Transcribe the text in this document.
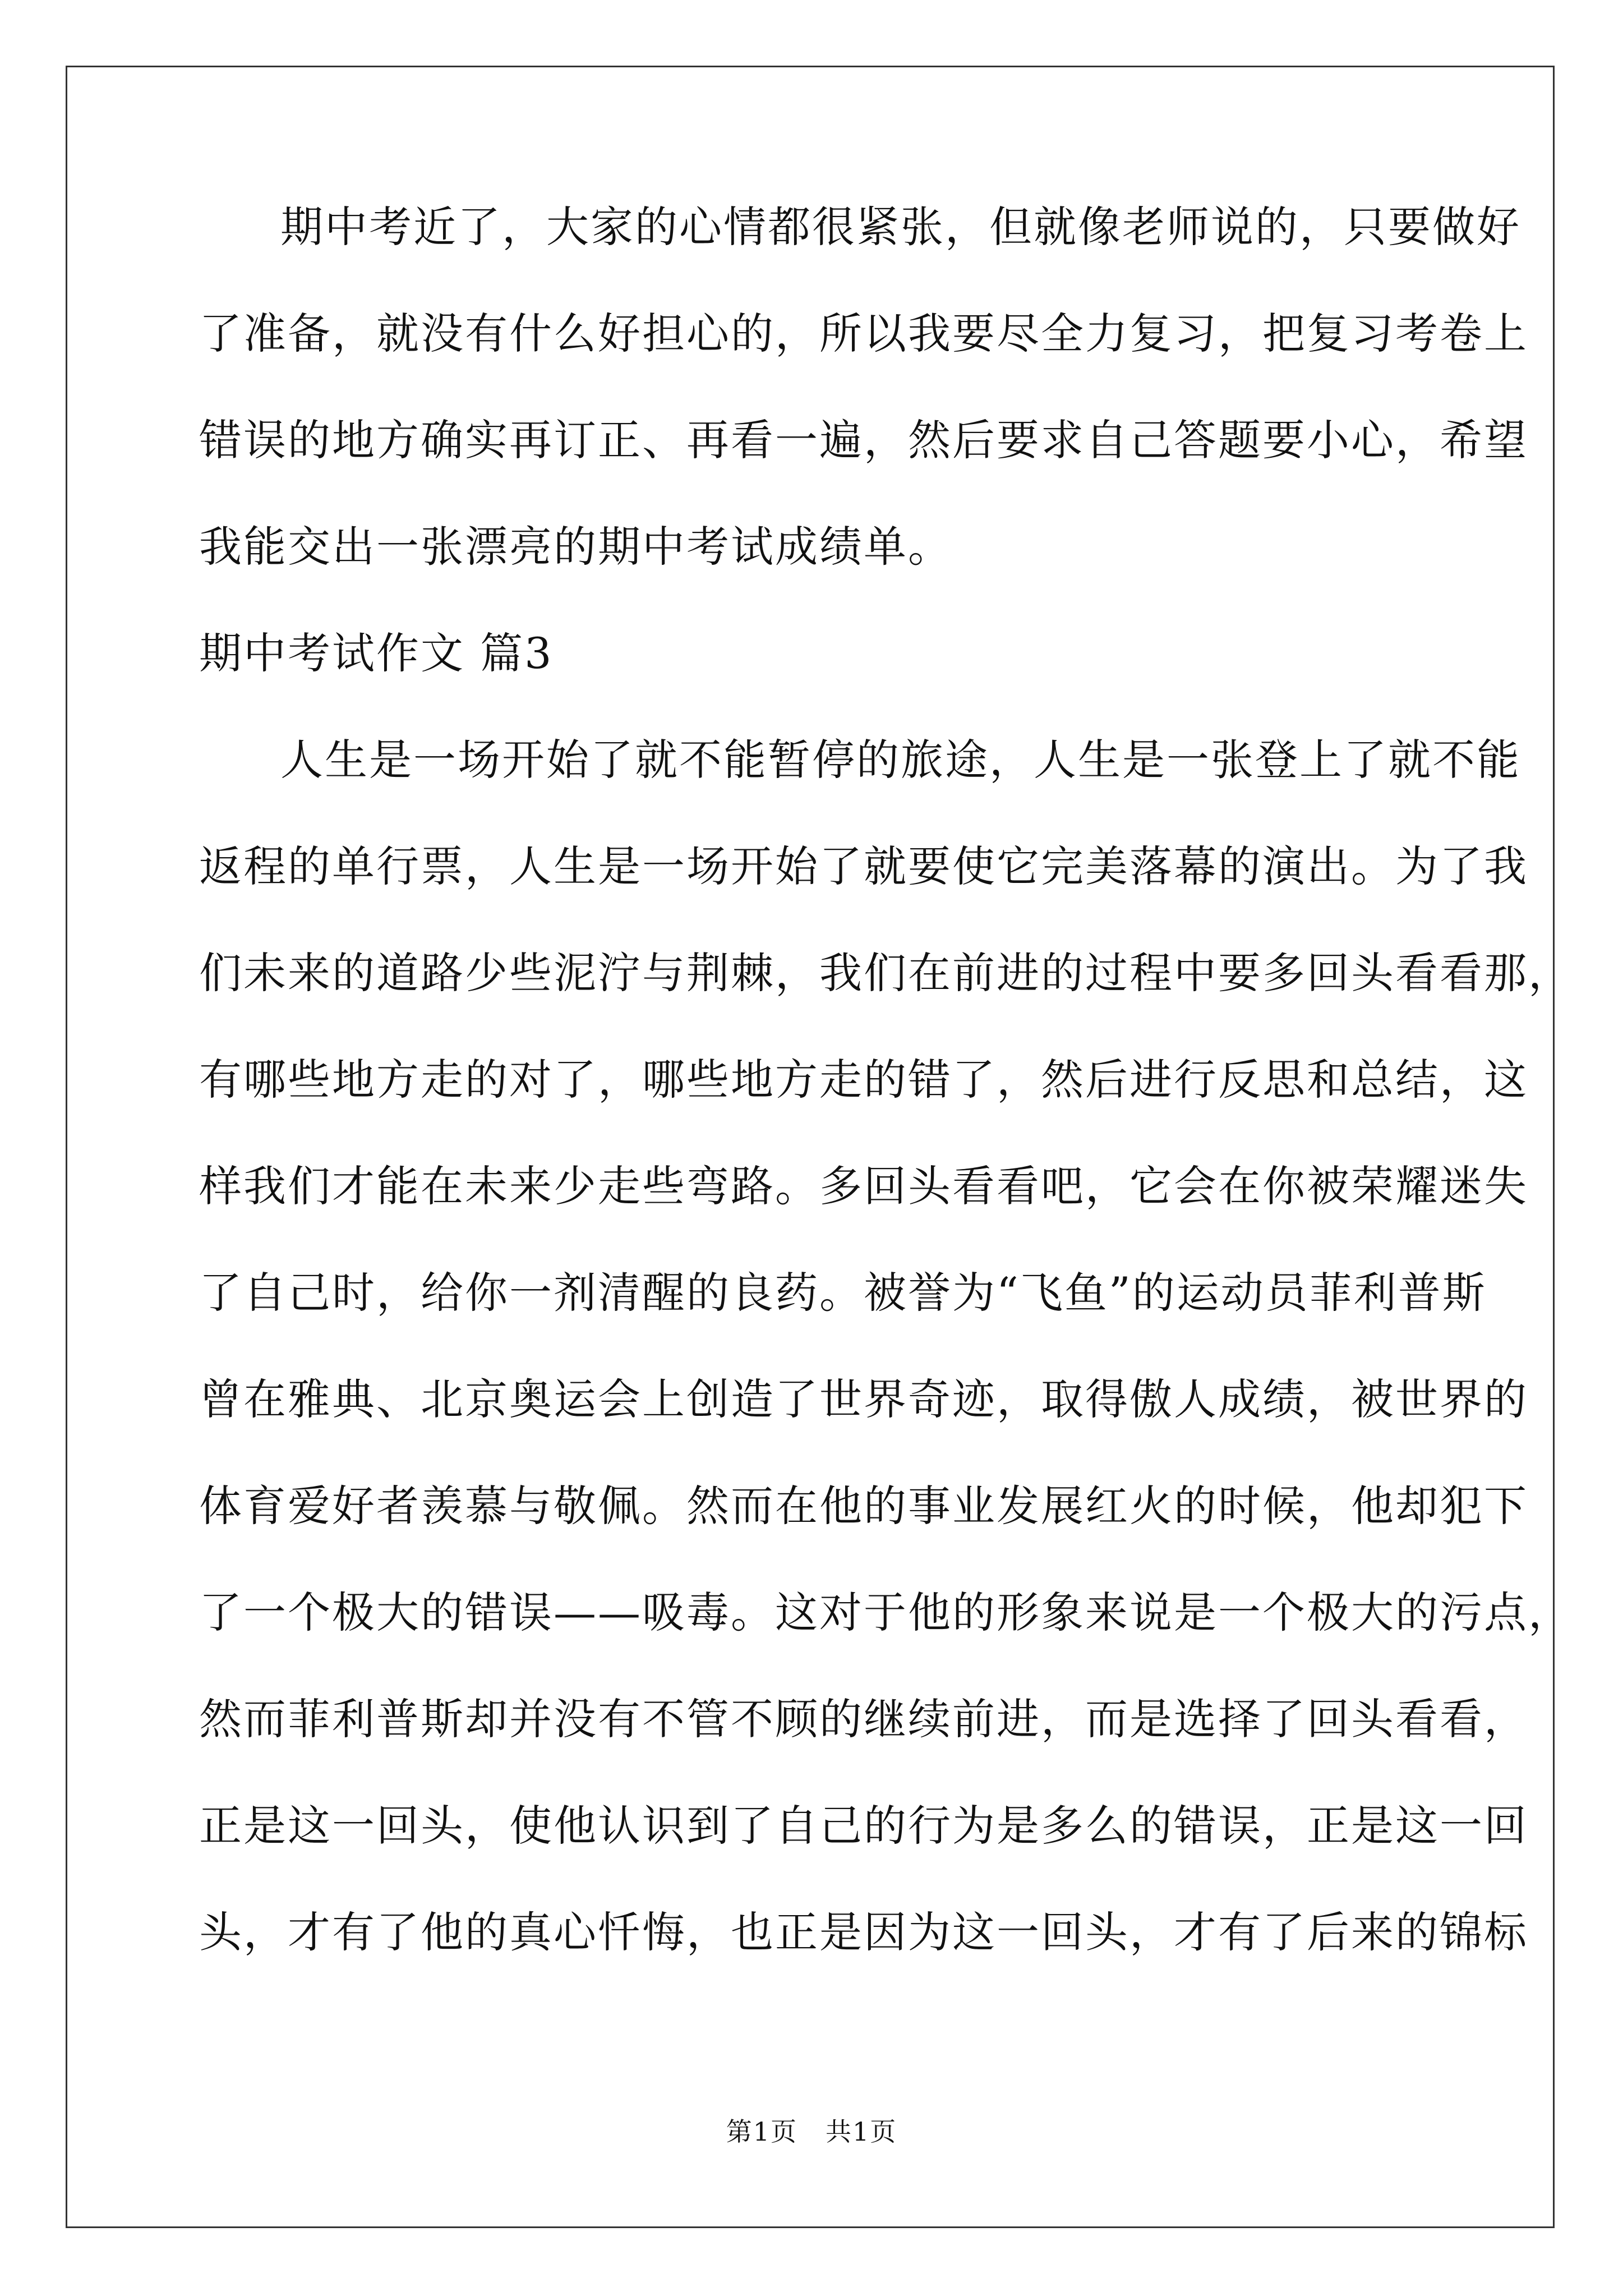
期中考近了，大家的心情都很紧张，但就像老师说的，只要做好
了准备，就没有什么好担心的，所以我要尽全力复习，把复习考卷上
错误的地方确实再订正、再看一遍，然后要求自己答题要小心，希望
我能交出一张漂亮的期中考试成绩单。
期中考试作文 篇3
人生是一场开始了就不能暂停的旅途，人生是一张登上了就不能
返程的单行票，人生是一场开始了就要使它完美落幕的演出。为了我
们未来的道路少些泥泞与荆棘，我们在前进的过程中要多回头看看那，
有哪些地方走的对了，哪些地方走的错了，然后进行反思和总结，这
样我们才能在未来少走些弯路。多回头看看吧，它会在你被荣耀迷失
了自己时，给你一剂清醒的良药。被誉为“飞鱼”的运动员菲利普斯
曾在雅典、北京奥运会上创造了世界奇迹，取得傲人成绩，被世界的
体育爱好者羡慕与敬佩。然而在他的事业发展红火的时候，他却犯下
了一个极大的错误——吸毒。这对于他的形象来说是一个极大的污点，
然而菲利普斯却并没有不管不顾的继续前进，而是选择了回头看看，
正是这一回头，使他认识到了自己的行为是多么的错误，正是这一回
头，才有了他的真心忏悔，也正是因为这一回头，才有了后来的锦标
第1页 共1页
